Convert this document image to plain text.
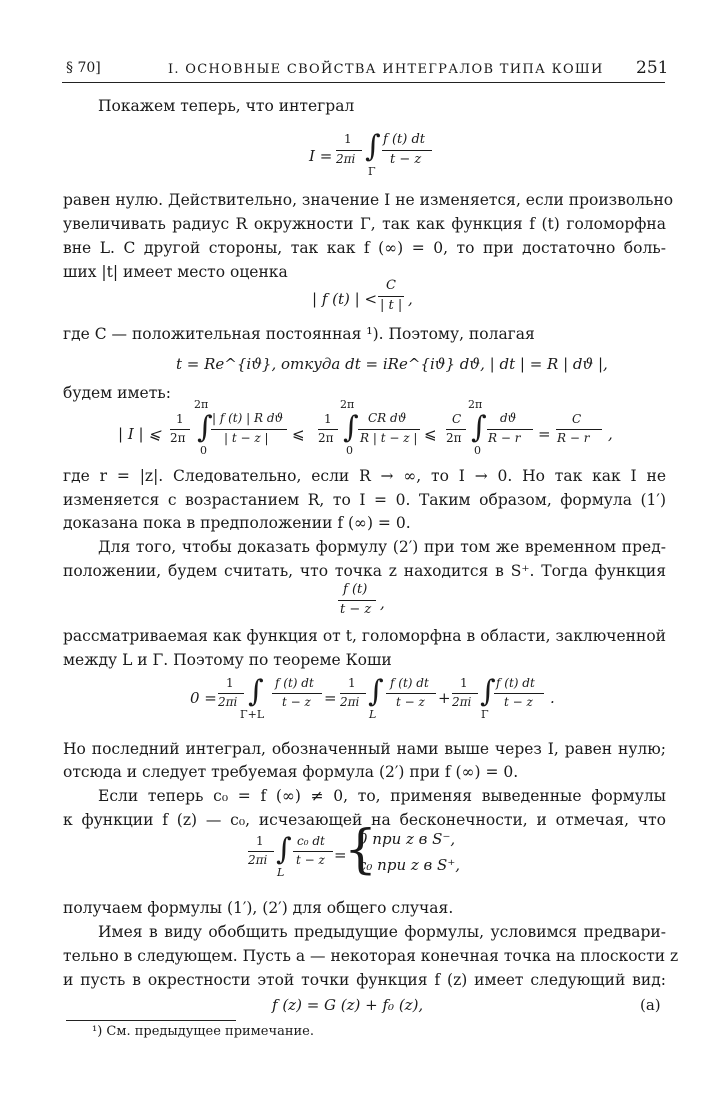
§ 70]	I. ОСНОВНЫЕ СВОЙСТВА ИНТЕГРАЛОВ ТИПА КОШИ 251
Покажем теперь, что интеграл
I =
1
2πi ∫
Γ
f (t) dt
t − z
равен нулю. Действительно, значение I не изменяется, если произвольно
увеличивать радиус R окружности Γ, так как функция f (t) голоморфна
вне L. С другой стороны, так как f (∞) = 0, то при достаточно боль-
ших |t| имеет место оценка
| f (t) | <
C
| t | ,
где C — положительная постоянная ¹). Поэтому, полагая
t = Re^{iϑ}, откуда dt = iRe^{iϑ} dϑ, | dt | = R | dϑ |,
будем иметь:
| I | ⩽
1
2π
2π
∫
0
| f (t) | R dϑ
| t − z | ⩽
1
2π
2π
∫
0
CR dϑ
R | t − z | ⩽
C
2π
2π
∫
0
dϑ
R − r =
C
R − r ,
где r = |z|. Следовательно, если R → ∞, то I → 0. Но так как I не
изменяется с возрастанием R, то I = 0. Таким образом, формула (1′)
доказана пока в предположении f (∞) = 0.
Для того, чтобы доказать формулу (2′) при том же временном пред-
положении, будем считать, что точка z находится в S⁺. Тогда функция
f (t)
t − z ,
рассматриваемая как функция от t, голоморфна в области, заключенной
между L и Γ. Поэтому по теореме Коши
0 =
1
2πi ∫
Γ+L
f (t) dt
t − z =
1
2πi ∫
L
f (t) dt
t − z +
1
2πi ∫
Γ
f (t) dt
t − z .
Но последний интеграл, обозначенный нами выше через I, равен нулю;
отсюда и следует требуемая формула (2′) при f (∞) = 0.
Если теперь c₀ = f (∞) ≠ 0, то, применяя выведенные формулы
к функции f (z) — c₀, исчезающей на бесконечности, и отмечая, что
1
2πi ∫
L
c₀ dt
t − z =
{
0 при z в S⁻,
c₀ при z в S⁺,
получаем формулы (1′), (2′) для общего случая.
Имея в виду обобщить предыдущие формулы, условимся предвари-
тельно в следующем. Пусть a — некоторая конечная точка на плоскости z
и пусть в окрестности этой точки функция f (z) имеет следующий вид:
f (z) = G (z) + f₀ (z),	(a)
¹) См. предыдущее примечание.
